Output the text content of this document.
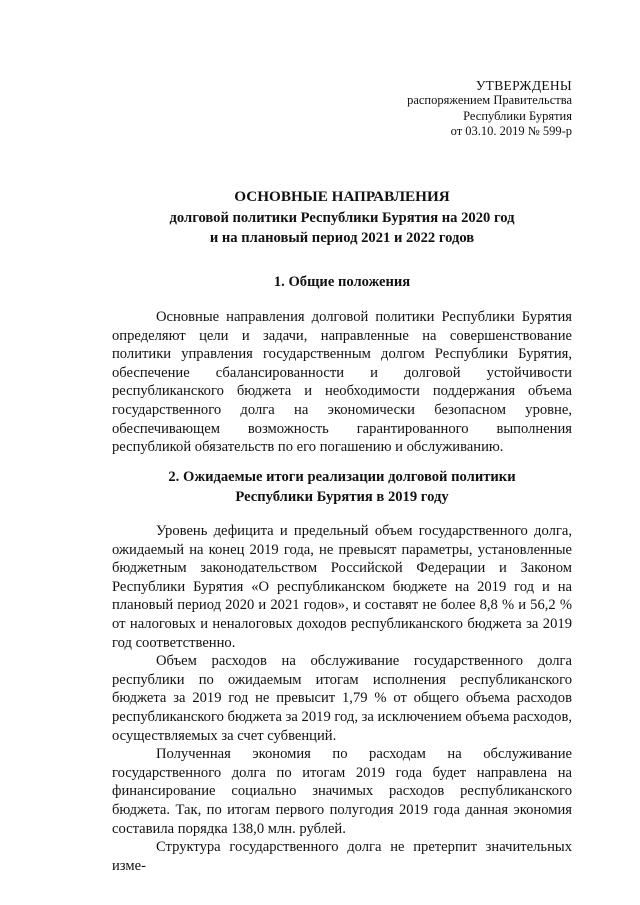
УТВЕРЖДЕНЫ
распоряжением Правительства
Республики Бурятия
от 03.10. 2019 № 599-р
ОСНОВНЫЕ НАПРАВЛЕНИЯ
долговой политики Республики Бурятия на 2020 год
и на плановый период 2021 и 2022 годов
1. Общие положения

Основные направления долговой политики Республики Бурятия определяют цели и задачи, направленные на совершенствование политики управления государственным долгом Республики Бурятия, обеспечение сбалансированности и долговой устойчивости республиканского бюджета и необходимости поддержания объема государственного долга на экономически безопасном уровне, обеспечивающем возможность гарантированного выполнения республикой обязательств по его погашению и обслуживанию.

2. Ожидаемые итоги реализации долговой политики
Республики Бурятия в 2019 году

Уровень дефицита и предельный объем государственного долга, ожидаемый на конец 2019 года, не превысят параметры, установленные бюджетным законодательством Российской Федерации и Законом Республики Бурятия «О республиканском бюджете на 2019 год и на плановый период 2020 и 2021 годов», и составят не более 8,8 % и 56,2 % от налоговых и неналоговых доходов республиканского бюджета за 2019 год соответственно.

Объем расходов на обслуживание государственного долга республики по ожидаемым итогам исполнения республиканского бюджета за 2019 год не превысит 1,79 % от общего объема расходов республиканского бюджета за 2019 год, за исключением объема расходов, осуществляемых за счет субвенций.

Полученная экономия по расходам на обслуживание государственного долга по итогам 2019 года будет направлена на финансирование социально значимых расходов республиканского бюджета. Так, по итогам первого полугодия 2019 года данная экономия составила порядка 138,0 млн. рублей.

Структура государственного долга не претерпит значительных изме-
